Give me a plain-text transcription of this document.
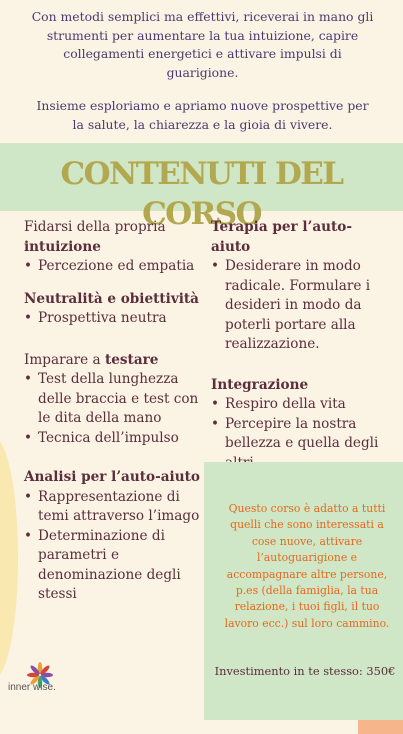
Con metodi semplici ma effettivi, riceverai in mano gli strumenti per aumentare la tua intuizione, capire collegamenti energetici e attivare impulsi di guarigione.

Insieme esploriamo e apriamo nuove prospettive per la salute, la chiarezza e la gioia di vivere.

CONTENUTI DEL CORSO

Fidarsi della propria intuizione

• Percezione ed empatia

Neutralità e obiettività

• Prospettiva neutra

Imparare a testare

• Test della lunghezza delle braccia e test con le dita della mano
• Tecnica dell’impulso

Analisi per l’auto-aiuto

• Rappresentazione di temi attraverso l’imago
• Determinazione di parametri e denominazione degli stessi

Terapia per l’auto-aiuto

• Desiderare in modo radicale. Formulare i desideri in modo da poterli portare alla realizzazione.

Integrazione

• Respiro della vita
• Percepire la nostra bellezza e quella degli
Questo corso è adatto a tutti quelli che sono interessati a cose nuove, attivare l’autoguarigione e accompagnare altre persone, p.es (della famiglia, la tua relazione, i tuoi figli, il tuo lavoro ecc.) sul loro cammino.
Investimento in te stesso: 350€
inner wise.
